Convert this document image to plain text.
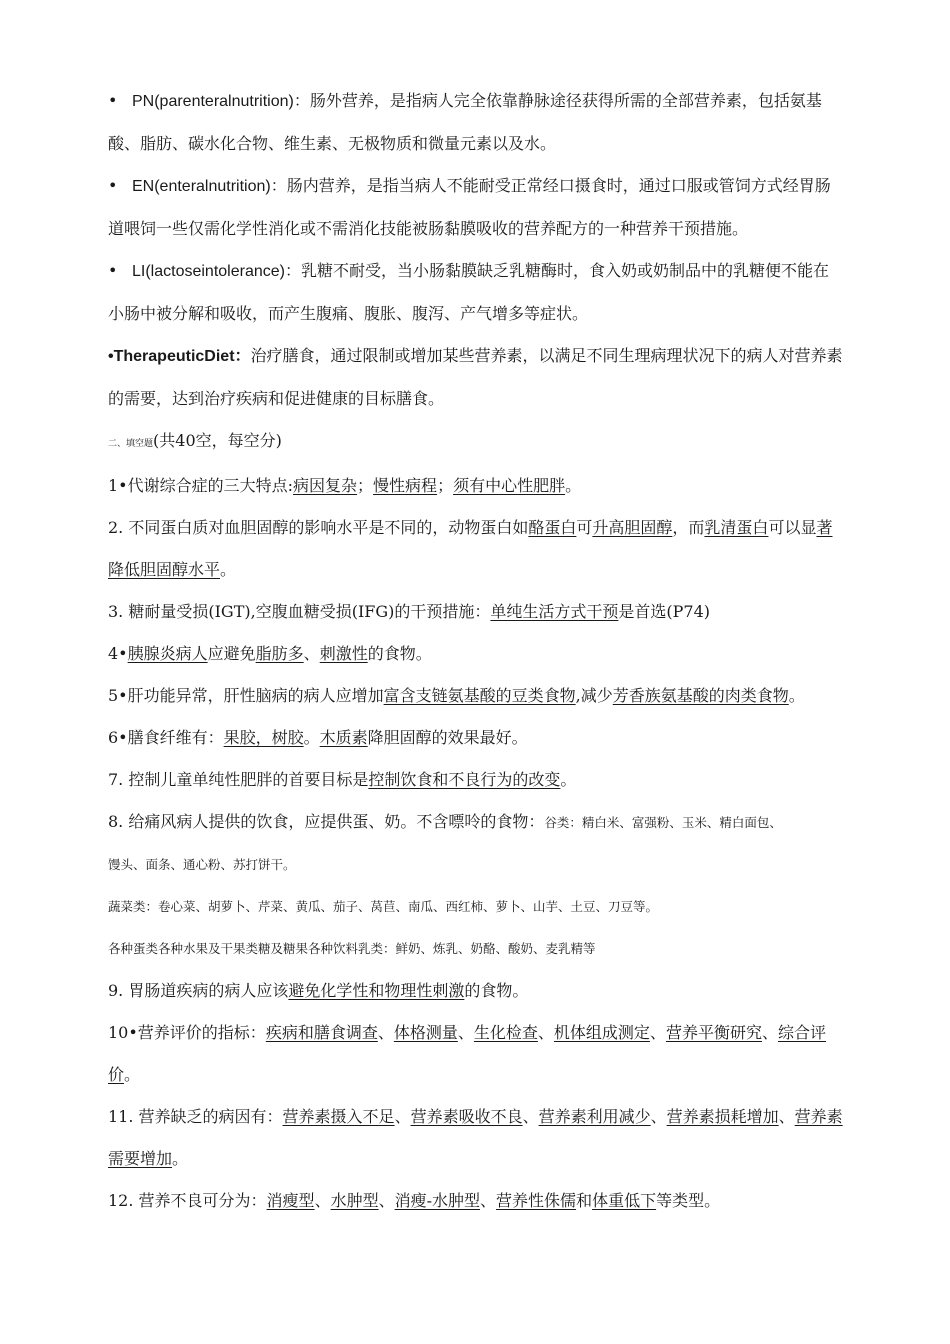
• PN(parenteralnutrition)：肠外营养，是指病人完全依靠静脉途径获得所需的全部营养素，包括氨基酸、脂肪、碳水化合物、维生素、无极物质和微量元素以及水。

• EN(enteralnutrition)：肠内营养，是指当病人不能耐受正常经口摄食时，通过口服或管饲方式经胃肠道喂饲一些仅需化学性消化或不需消化技能被肠黏膜吸收的营养配方的一种营养干预措施。

• LI(lactoseintolerance)：乳糖不耐受，当小肠黏膜缺乏乳糖酶时，食入奶或奶制品中的乳糖便不能在小肠中被分解和吸收，而产生腹痛、腹胀、腹泻、产气增多等症状。

•TherapeuticDiet：治疗膳食，通过限制或增加某些营养素，以满足不同生理病理状况下的病人对营养素的需要，达到治疗疾病和促进健康的目标膳食。

二、填空题(共40空，每空分)

1•代谢综合症的三大特点:病因复杂；慢性病程；须有中心性肥胖。

2. 不同蛋白质对血胆固醇的影响水平是不同的，动物蛋白如酪蛋白可升高胆固醇，而乳清蛋白可以显著降低胆固醇水平。

3. 糖耐量受损(IGT),空腹血糖受损(IFG)的干预措施：单纯生活方式干预是首选(P74)

4•胰腺炎病人应避免脂肪多、刺激性的食物。

5•肝功能异常，肝性脑病的病人应增加富含支链氨基酸的豆类食物,减少芳香族氨基酸的肉类食物。

6•膳食纤维有：果胶，树胶。木质素降胆固醇的效果最好。

7. 控制儿童单纯性肥胖的首要目标是控制饮食和不良行为的改变。

8. 给痛风病人提供的饮食，应提供蛋、奶。不含嘌呤的食物：谷类：精白米、富强粉、玉米、精白面包、

馒头、面条、通心粉、苏打饼干。

蔬菜类：卷心菜、胡萝卜、芹菜、黄瓜、茄子、莴苣、南瓜、西红柿、萝卜、山芋、土豆、刀豆等。

各种蛋类各种水果及干果类糖及糖果各种饮料乳类：鲜奶、炼乳、奶酪、酸奶、麦乳精等

9. 胃肠道疾病的病人应该避免化学性和物理性刺激的食物。

10•营养评价的指标：疾病和膳食调查、体格测量、生化检查、机体组成测定、营养平衡研究、综合评价。

11. 营养缺乏的病因有：营养素摄入不足、营养素吸收不良、营养素利用减少、营养素损耗增加、营养素需要增加。

12. 营养不良可分为：消瘦型、水肿型、消瘦-水肿型、营养性侏儒和体重低下等类型。
